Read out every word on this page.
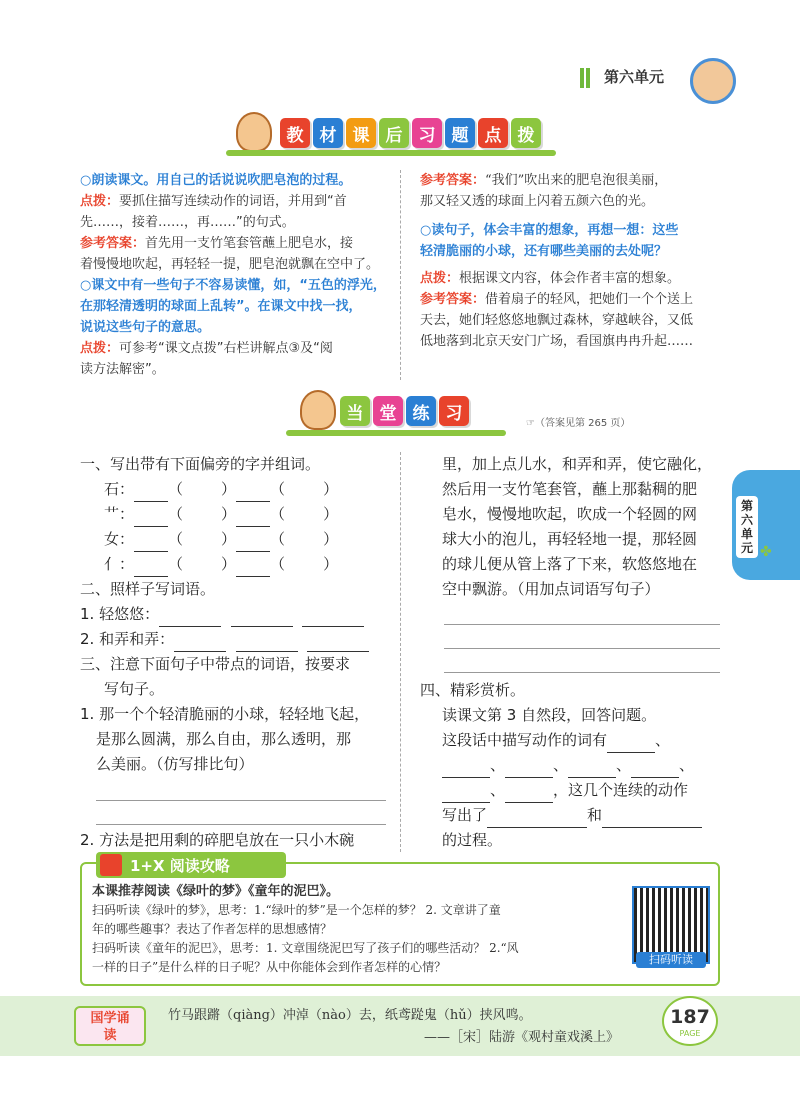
第六单元
教 材 课 后 习 题 点 拨
○朗读课文。用自己的话说说吹肥皂泡的过程。
点拨：要抓住描写连续动作的词语，并用到“首
先……，接着……，再……”的句式。
参考答案：首先用一支竹笔套管蘸上肥皂水，接
着慢慢地吹起，再轻轻一提，肥皂泡就飘在空中了。
○课文中有一些句子不容易读懂，如，“五色的浮光，
在那轻清透明的球面上乱转”。在课文中找一找，
说说这些句子的意思。
点拨：可参考“课文点拨”右栏讲解点③及“阅
读方法解密”。
参考答案：“我们”吹出来的肥皂泡很美丽，
那又轻又透的球面上闪着五颜六色的光。
○读句子，体会丰富的想象，再想一想：这些
轻清脆丽的小球，还有哪些美丽的去处呢？
点拨：根据课文内容，体会作者丰富的想象。
参考答案：借着扇子的轻风，把她们一个个送上
天去，她们轻悠悠地飘过森林，穿越峡谷，又低
低地落到北京天安门广场，看国旗冉冉升起……
当 堂 练 习	☞（答案见第 265 页）
一、写出带有下面偏旁的字并组词。
石： （	） （	）
艹： （	） （	）
女： （	） （	）
亻： （	） （	）
二、照样子写词语。
1. 轻悠悠：
2. 和弄和弄：
三、注意下面句子中带点的词语，按要求
写句子。
1. 那一个个轻清脆丽的小球，轻轻地飞起，
是那么圆满，那么自由，那么透明，那
么美丽。（仿写排比句）
2. 方法是把用剩的碎肥皂放在一只小木碗
里，加上点儿水，和弄和弄，使它融化，
然后用一支竹笔套管，蘸上那黏稠的肥
皂水，慢慢地吹起，吹成一个轻圆的网
球大小的泡儿，再轻轻地一提，那轻圆
的球儿便从管上落了下来，软悠悠地在
空中飘游。（用加点词语写句子）
四、精彩赏析。
读课文第 3 自然段，回答问题。
这段话中描写动作的词有	、
、	、	、	、
、	，这几个连续的动作
写出了	和
的过程。
第六单元 ✤
1+X 阅读攻略
本课推荐阅读《绿叶的梦》《童年的泥巴》。
扫码听读《绿叶的梦》，思考：1.“绿叶的梦”是一个怎样的梦？ 2. 文章讲了童
年的哪些趣事？表达了作者怎样的思想感情？
扫码听读《童年的泥巴》，思考：1. 文章围绕泥巴写了孩子们的哪些活动？ 2.“风
一样的日子”是什么样的日子呢？从中你能体会到作者怎样的心情？
扫码听读
国学诵读
竹马跟蹡（qiàng）冲淖（nào）去，纸鸢踨鬼（hǔ）挟风鸣。
——［宋］陆游《观村童戏溪上》
187
PAGE
